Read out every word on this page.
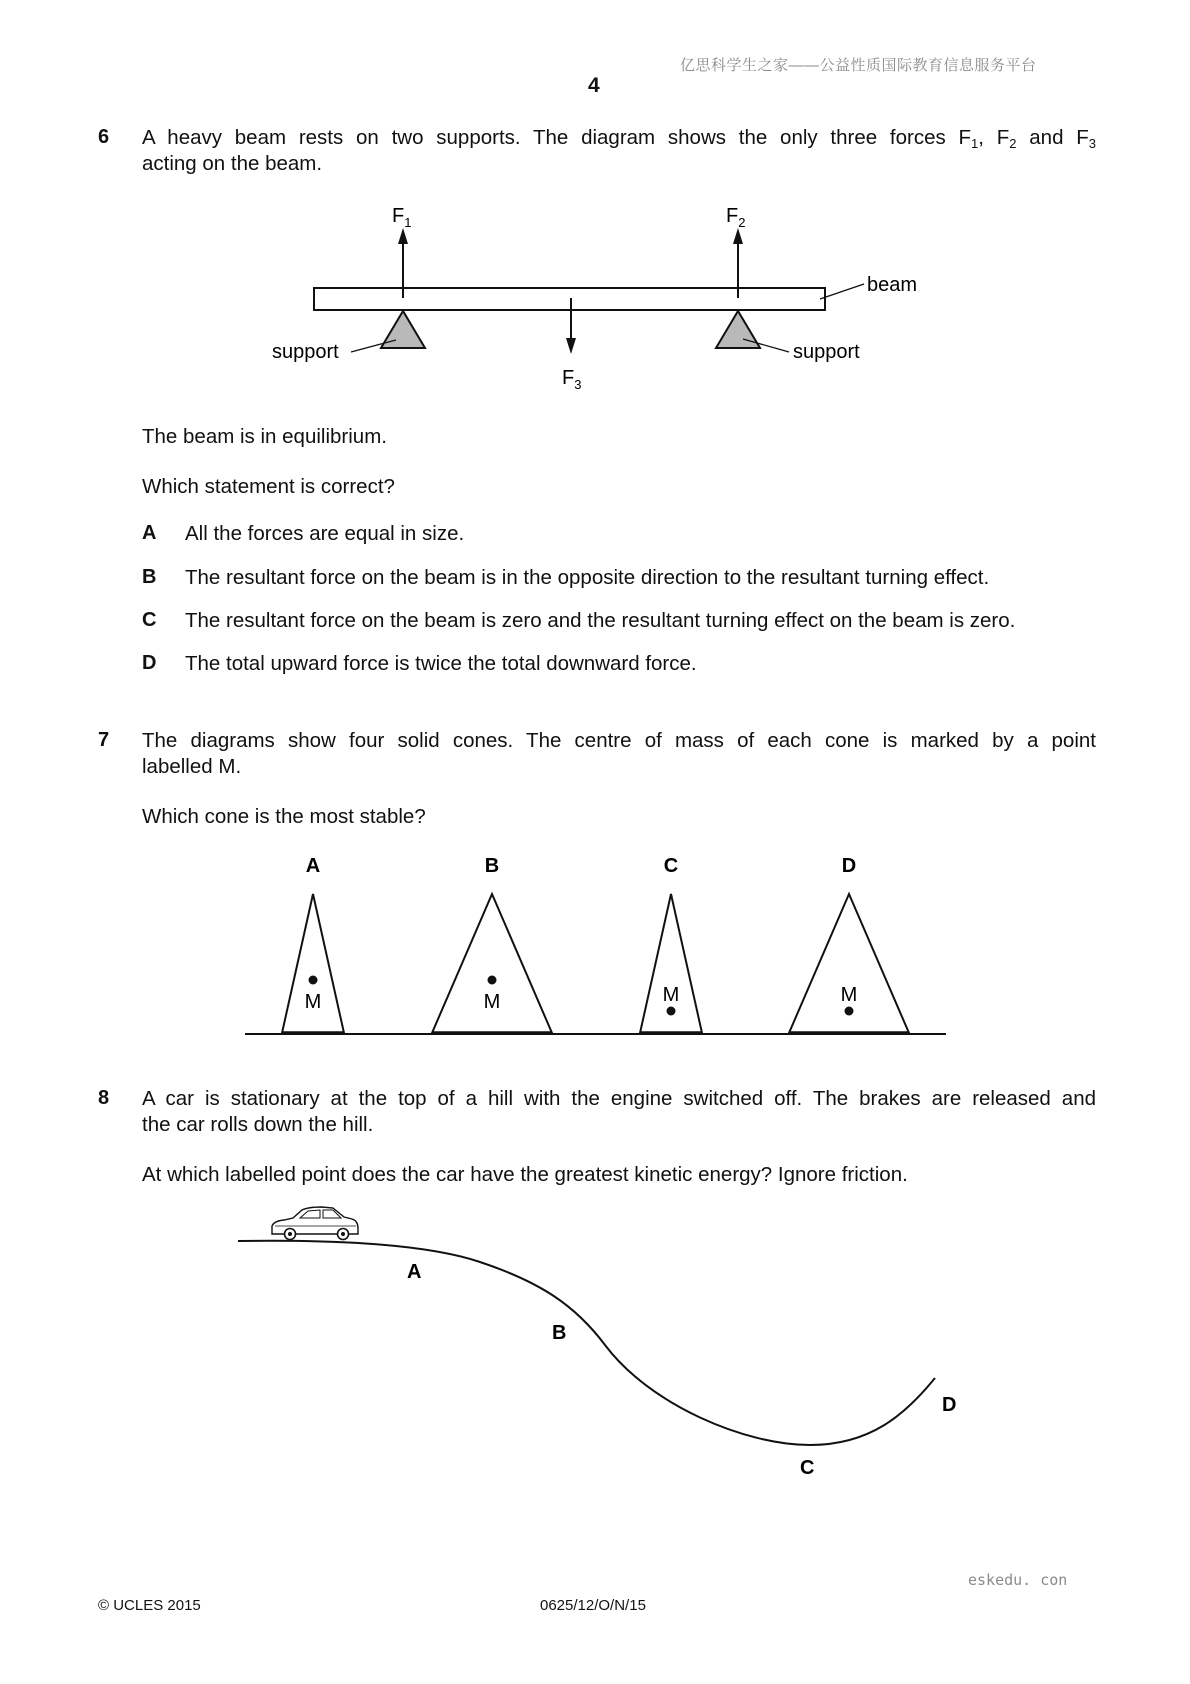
亿思科学生之家——公益性质国际教育信息服务平台
4
6 A heavy beam rests on two supports. The diagram shows the only three forces $F_1$, $F_2$ and $F_3$
acting on the beam.
$F_1$	$F_2$
$F_3$
beam
support	support
The beam is in equilibrium.
Which statement is correct?
A All the forces are equal in size.
B The resultant force on the beam is in the opposite direction to the resultant turning effect.
C The resultant force on the beam is zero and the resultant turning effect on the beam is zero.
D The total upward force is twice the total downward force.
7 The diagrams show four solid cones. The centre of mass of each cone is marked by a point
labelled M.
Which cone is the most stable?
A	B	C	D
M	M	M	M
8 A car is stationary at the top of a hill with the engine switched off. The brakes are released and
the car rolls down the hill.
At which labelled point does the car have the greatest kinetic energy? Ignore friction.
A
B
C
D
eskedu. con
© UCLES 2015	0625/12/O/N/15
